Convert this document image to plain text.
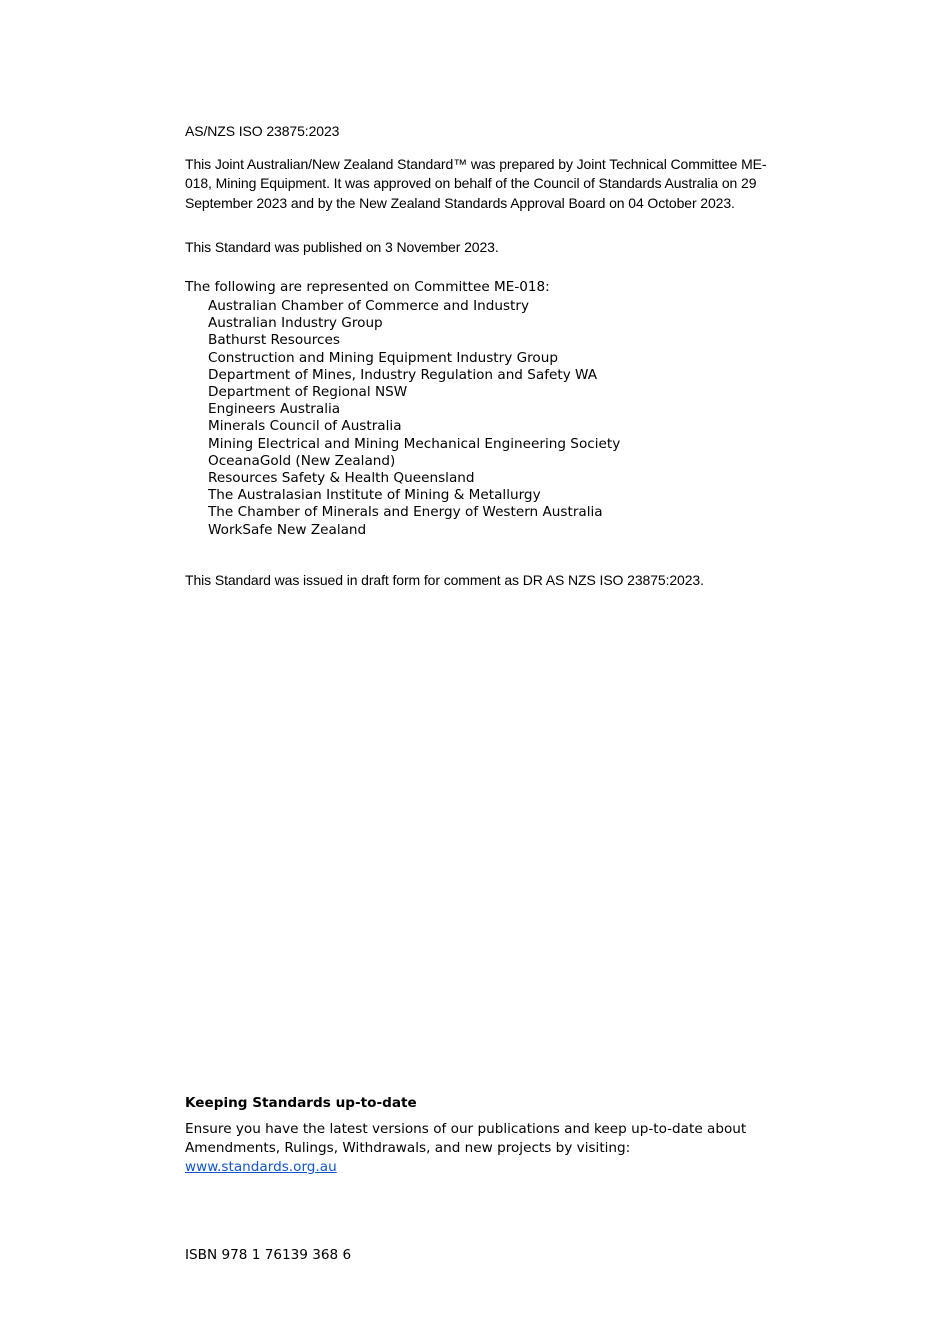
AS/NZS ISO 23875:2023

This Joint Australian/New Zealand Standard™ was prepared by Joint Technical Committee ME-018, Mining Equipment. It was approved on behalf of the Council of Standards Australia on 29 September 2023 and by the New Zealand Standards Approval Board on 04 October 2023.

This Standard was published on 3 November 2023.
The following are represented on Committee ME-018:
Australian Chamber of Commerce and Industry
Australian Industry Group
Bathurst Resources
Construction and Mining Equipment Industry Group
Department of Mines, Industry Regulation and Safety WA
Department of Regional NSW
Engineers Australia
Minerals Council of Australia
Mining Electrical and Mining Mechanical Engineering Society
OceanaGold (New Zealand)
Resources Safety & Health Queensland
The Australasian Institute of Mining & Metallurgy
The Chamber of Minerals and Energy of Western Australia
WorkSafe New Zealand
This Standard was issued in draft form for comment as DR AS NZS ISO 23875:2023.
Keeping Standards up-to-date

Ensure you have the latest versions of our publications and keep up-to-date about Amendments, Rulings, Withdrawals, and new projects by visiting:
www.standards.org.au

ISBN 978 1 76139 368 6
